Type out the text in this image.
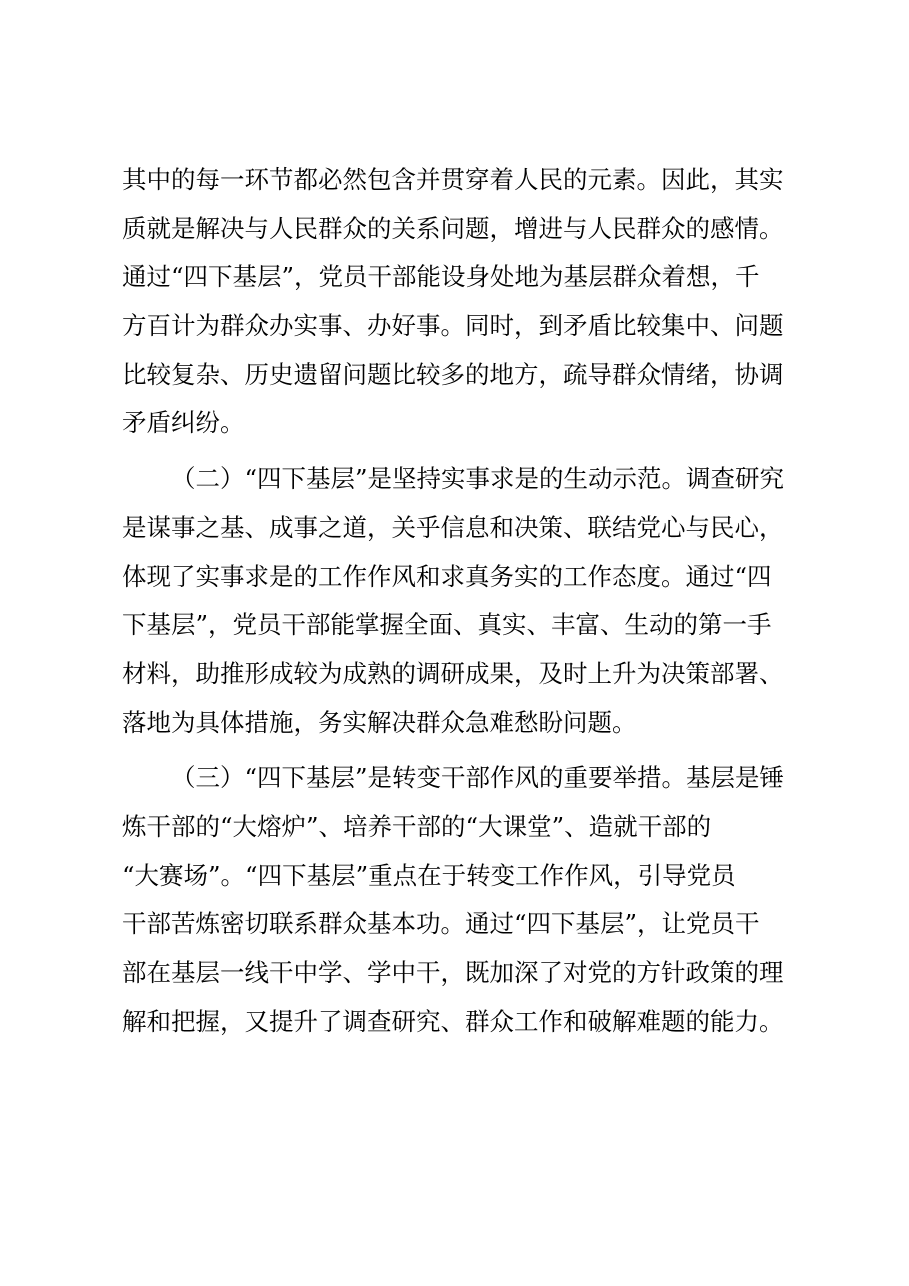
其中的每一环节都必然包含并贯穿着人民的元素。因此，其实
质就是解决与人民群众的关系问题，增进与人民群众的感情。
通过“四下基层”，党员干部能设身处地为基层群众着想，千
方百计为群众办实事、办好事。同时，到矛盾比较集中、问题
比较复杂、历史遗留问题比较多的地方，疏导群众情绪，协调
矛盾纠纷。

（二）“四下基层”是坚持实事求是的生动示范。调查研究
是谋事之基、成事之道，关乎信息和决策、联结党心与民心，
体现了实事求是的工作作风和求真务实的工作态度。通过“四
下基层”，党员干部能掌握全面、真实、丰富、生动的第一手
材料，助推形成较为成熟的调研成果，及时上升为决策部署、
落地为具体措施，务实解决群众急难愁盼问题。

（三）“四下基层”是转变干部作风的重要举措。基层是锤
炼干部的“大熔炉”、培养干部的“大课堂”、造就干部的
“大赛场”。“四下基层”重点在于转变工作作风，引导党员
干部苦炼密切联系群众基本功。通过“四下基层”，让党员干
部在基层一线干中学、学中干，既加深了对党的方针政策的理
解和把握，又提升了调查研究、群众工作和破解难题的能力。
